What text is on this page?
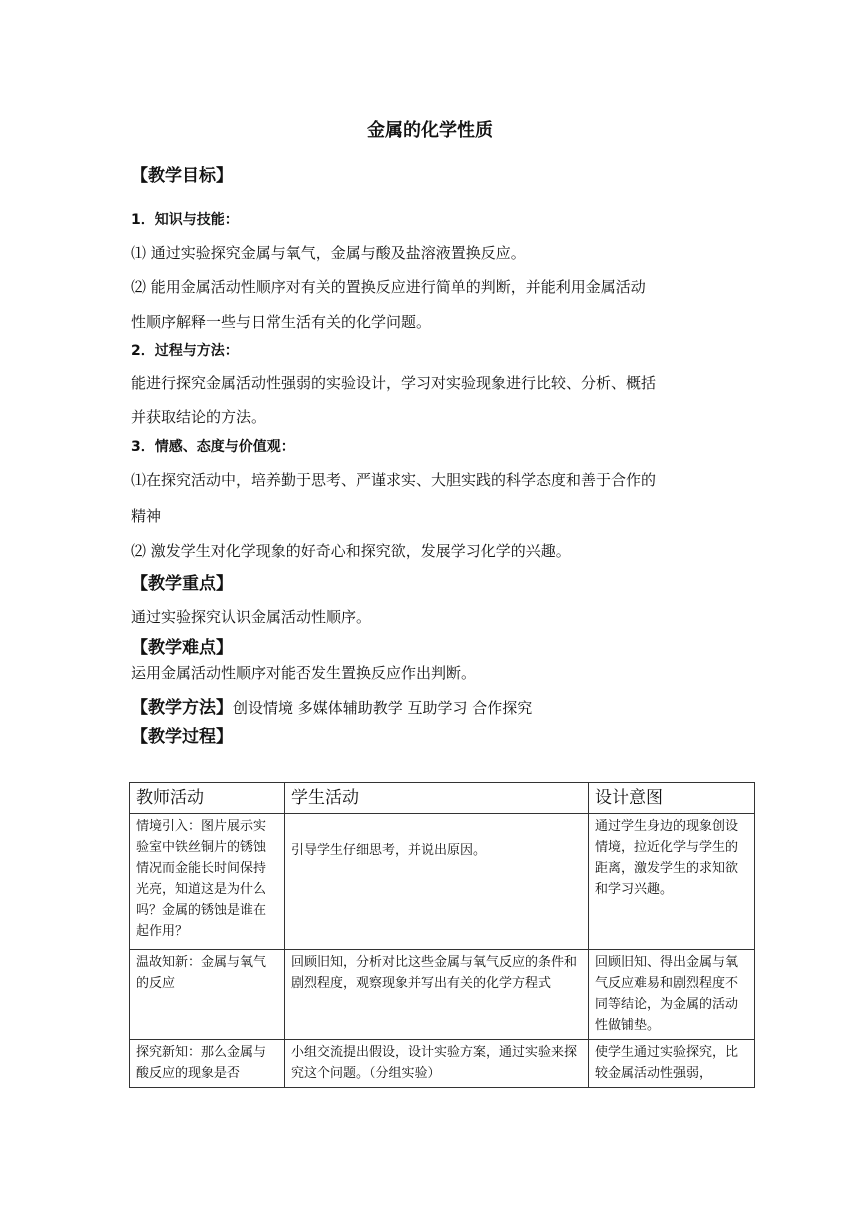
金属的化学性质
【教学目标】
1．知识与技能：
⑴ 通过实验探究金属与氧气，金属与酸及盐溶液置换反应。
⑵ 能用金属活动性顺序对有关的置换反应进行简单的判断，并能利用金属活动
性顺序解释一些与日常生活有关的化学问题。
2．过程与方法：
能进行探究金属活动性强弱的实验设计，学习对实验现象进行比较、分析、概括
并获取结论的方法。
3．情感、态度与价值观：
⑴在探究活动中，培养勤于思考、严谨求实、大胆实践的科学态度和善于合作的
精神
⑵ 激发学生对化学现象的好奇心和探究欲，发展学习化学的兴趣。
【教学重点】
通过实验探究认识金属活动性顺序。
【教学难点】
运用金属活动性顺序对能否发生置换反应作出判断。
【教学方法】创设情境 多媒体辅助教学 互助学习 合作探究
【教学过程】
教师活动	学生活动	设计意图
情境引入：图片展示实验室中铁丝铜片的锈蚀情况而金能长时间保持光亮，知道这是为什么吗？金属的锈蚀是谁在起作用？	引导学生仔细思考，并说出原因。	通过学生身边的现象创设情境，拉近化学与学生的距离，激发学生的求知欲和学习兴趣。
温故知新：金属与氧气的反应	回顾旧知，分析对比这些金属与氧气反应的条件和剧烈程度，观察现象并写出有关的化学方程式	回顾旧知、得出金属与氧气反应难易和剧烈程度不同等结论，为金属的活动性做铺垫。
探究新知：那么金属与酸反应的现象是否	小组交流提出假设，设计实验方案，通过实验来探究这个问题。（分组实验）	使学生通过实验探究，比较金属活动性强弱，
